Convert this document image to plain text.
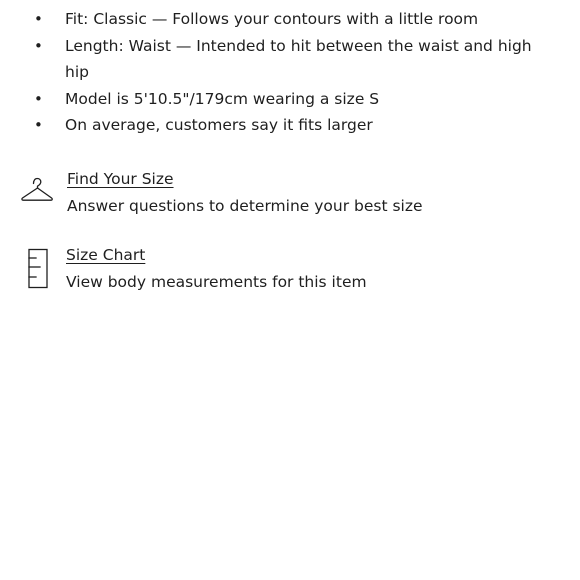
• Fit: Classic — Follows your contours with a little room
• Length: Waist — Intended to hit between the waist and high hip
• Model is 5'10.5"/179cm wearing a size S
• On average, customers say it fits larger
Find Your Size
Answer questions to determine your best size
Size Chart
View body measurements for this item
